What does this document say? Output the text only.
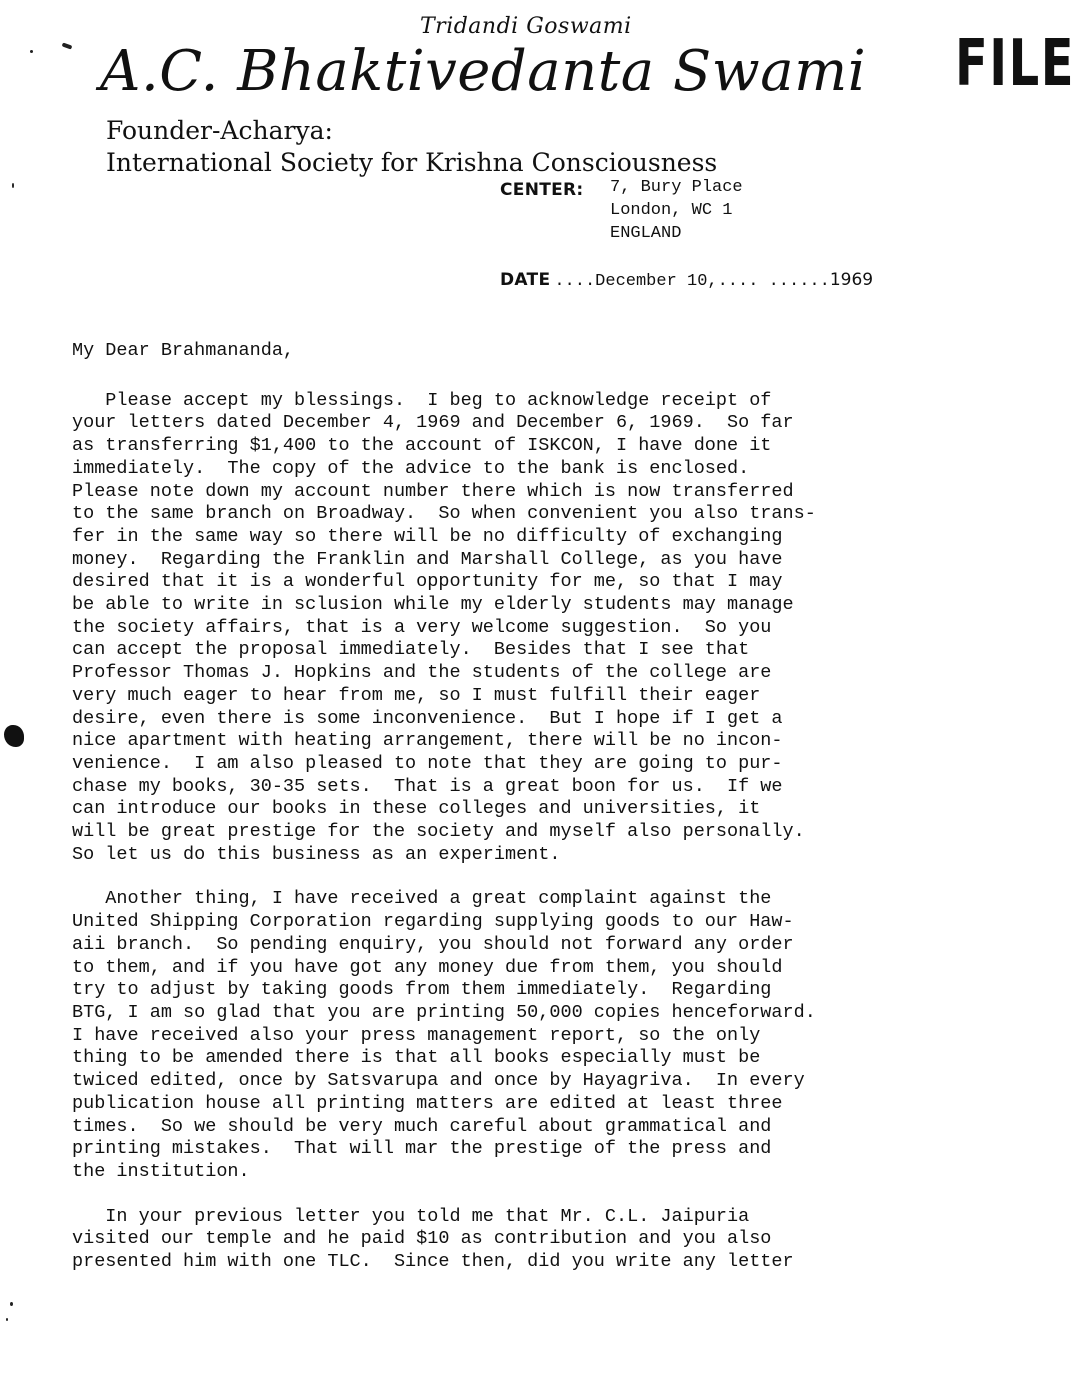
Tridandi Goswami
A.C. Bhaktivedanta Swami
Founder-Acharya:
International Society for Krishna Consciousness
CENTER: 7, Bury Place
London, WC 1
ENGLAND
FILE
DATE ....December 10,.... ......1969
My Dear Brahmananda,
Please accept my blessings.  I beg to acknowledge receipt of
your letters dated December 4, 1969 and December 6, 1969.  So far
as transferring $1,400 to the account of ISKCON, I have done it
immediately.  The copy of the advice to the bank is enclosed.
Please note down my account number there which is now transferred
to the same branch on Broadway.  So when convenient you also trans-
fer in the same way so there will be no difficulty of exchanging
money.  Regarding the Franklin and Marshall College, as you have
desired that it is a wonderful opportunity for me, so that I may
be able to write in sclusion while my elderly students may manage
the society affairs, that is a very welcome suggestion.  So you
can accept the proposal immediately.  Besides that I see that
Professor Thomas J. Hopkins and the students of the college are
very much eager to hear from me, so I must fulfill their eager
desire, even there is some inconvenience.  But I hope if I get a
nice apartment with heating arrangement, there will be no incon-
venience.  I am also pleased to note that they are going to pur-
chase my books, 30-35 sets.  That is a great boon for us.  If we
can introduce our books in these colleges and universities, it
will be great prestige for the society and myself also personally.
So let us do this business as an experiment.
Another thing, I have received a great complaint against the
United Shipping Corporation regarding supplying goods to our Haw-
aii branch.  So pending enquiry, you should not forward any order
to them, and if you have got any money due from them, you should
try to adjust by taking goods from them immediately.  Regarding
BTG, I am so glad that you are printing 50,000 copies henceforward.
I have received also your press management report, so the only
thing to be amended there is that all books especially must be
twiced edited, once by Satsvarupa and once by Hayagriva.  In every
publication house all printing matters are edited at least three
times.  So we should be very much careful about grammatical and
printing mistakes.  That will mar the prestige of the press and
the institution.
In your previous letter you told me that Mr. C.L. Jaipuria
visited our temple and he paid $10 as contribution and you also
presented him with one TLC.  Since then, did you write any letter
